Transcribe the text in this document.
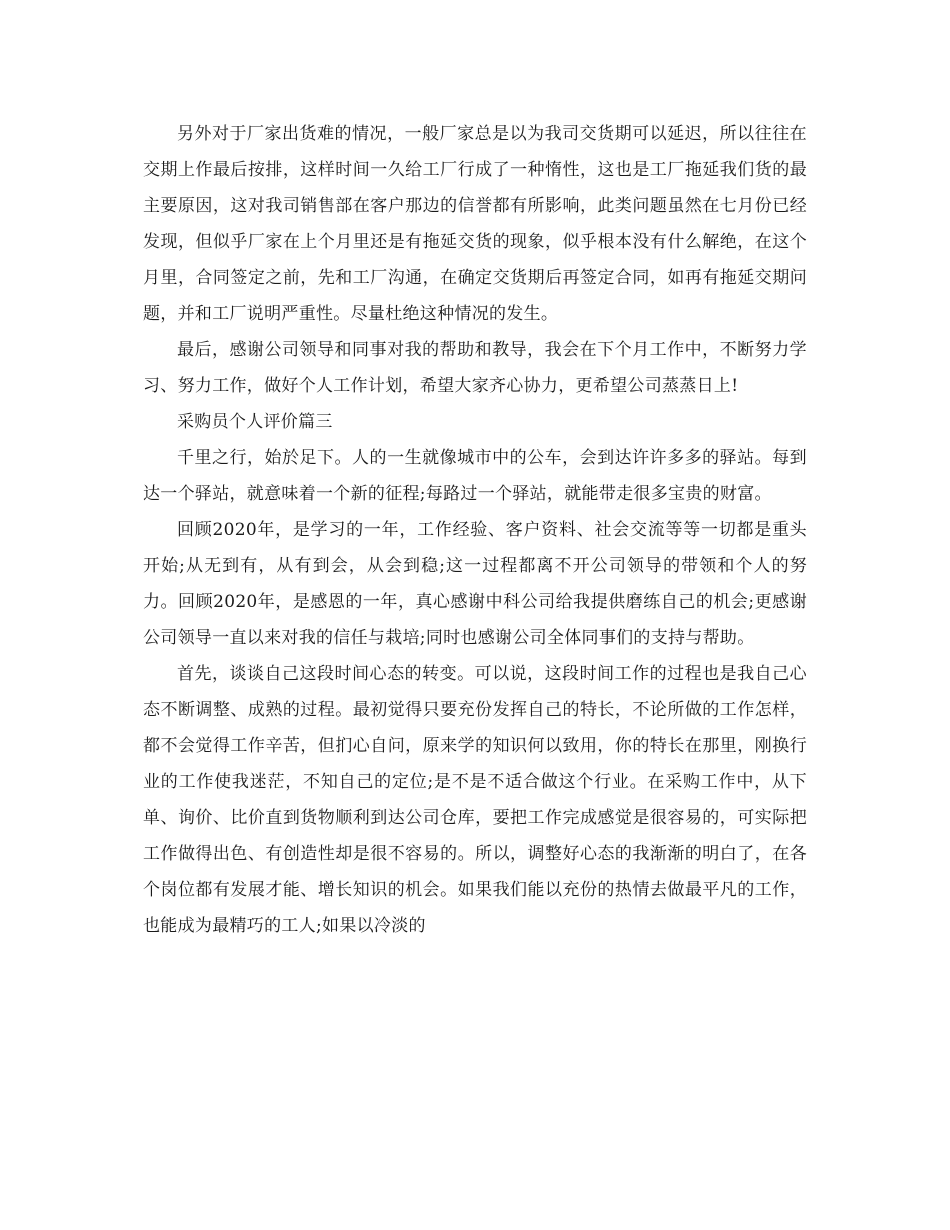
另外对于厂家出货难的情况，一般厂家总是以为我司交货期可以延迟，所以往往在交期上作最后按排，这样时间一久给工厂行成了一种惰性，这也是工厂拖延我们货的最主要原因，这对我司销售部在客户那边的信誉都有所影响，此类问题虽然在七月份已经发现，但似乎厂家在上个月里还是有拖延交货的现象，似乎根本没有什么解绝，在这个月里，合同签定之前，先和工厂沟通，在确定交货期后再签定合同，如再有拖延交期问题，并和工厂说明严重性。尽量杜绝这种情况的发生。

最后，感谢公司领导和同事对我的帮助和教导，我会在下个月工作中，不断努力学习、努力工作，做好个人工作计划，希望大家齐心协力，更希望公司蒸蒸日上!

采购员个人评价篇三

千里之行，始於足下。人的一生就像城市中的公车，会到达许许多多的驿站。每到达一个驿站，就意味着一个新的征程;每路过一个驿站，就能带走很多宝贵的财富。

回顾2020年，是学习的一年，工作经验、客户资料、社会交流等等一切都是重头开始;从无到有，从有到会，从会到稳;这一过程都离不开公司领导的带领和个人的努力。回顾2020年，是感恩的一年，真心感谢中科公司给我提供磨练自己的机会;更感谢公司领导一直以来对我的信任与栽培;同时也感谢公司全体同事们的支持与帮助。

首先，谈谈自己这段时间心态的转变。可以说，这段时间工作的过程也是我自己心态不断调整、成熟的过程。最初觉得只要充份发挥自己的特长，不论所做的工作怎样，都不会觉得工作辛苦，但扪心自问，原来学的知识何以致用，你的特长在那里，刚换行业的工作使我迷茫，不知自己的定位;是不是不适合做这个行业。在采购工作中，从下单、询价、比价直到货物顺利到达公司仓库，要把工作完成感觉是很容易的，可实际把工作做得出色、有创造性却是很不容易的。所以，调整好心态的我渐渐的明白了，在各个岗位都有发展才能、增长知识的机会。如果我们能以充份的热情去做最平凡的工作，也能成为最精巧的工人;如果以冷淡的
